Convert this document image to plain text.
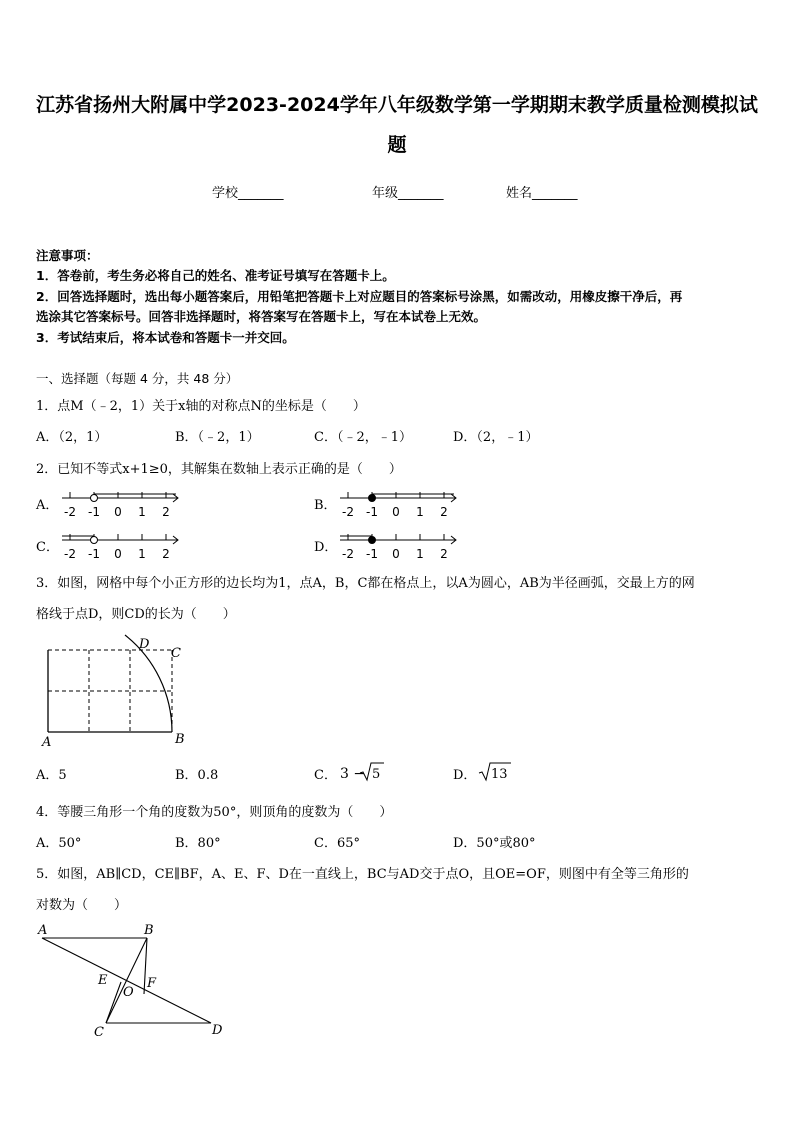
江苏省扬州大附属中学2023-2024学年八年级数学第一学期期末教学质量检测模拟试
题
学校_______	年级_______	姓名_______
注意事项：
1．答卷前，考生务必将自己的姓名、准考证号填写在答题卡上。
2．回答选择题时，选出每小题答案后，用铅笔把答题卡上对应题目的答案标号涂黑，如需改动，用橡皮擦干净后，再
选涂其它答案标号。回答非选择题时，将答案写在答题卡上，写在本试卷上无效。
3．考试结束后，将本试卷和答题卡一并交回。
一、选择题（每题 4 分，共 48 分）
1．点M（﹣2，1）关于x轴的对称点N的坐标是（　　）
A．（2，1）	B．（﹣2，1）	C．（﹣2，﹣1）	D．（2，﹣1）
2．已知不等式x+1≥0，其解集在数轴上表示正确的是（　　）
A． -2 -1 0 1 2	B． -2 -1 0 1 2
C． -2 -1 0 1 2	D． -2 -1 0 1 2
3．如图，网格中每个小正方形的边长均为1，点A，B，C都在格点上，以A为圆心，AB为半径画弧，交最上方的网
格线于点D，则CD的长为（　　）
A	B
C
D
A．5	B．0.8	C． 3 − 5	D． 13
4．等腰三角形一个角的度数为50°，则顶角的度数为（　　）
A．50°	B．80°	C．65°	D．50°或80°
5．如图，AB∥CD，CE∥BF，A、E、F、D在一直线上，BC与AD交于点O，且OE=OF，则图中有全等三角形的
对数为（　　）
A	B
C	D
E	F
O
